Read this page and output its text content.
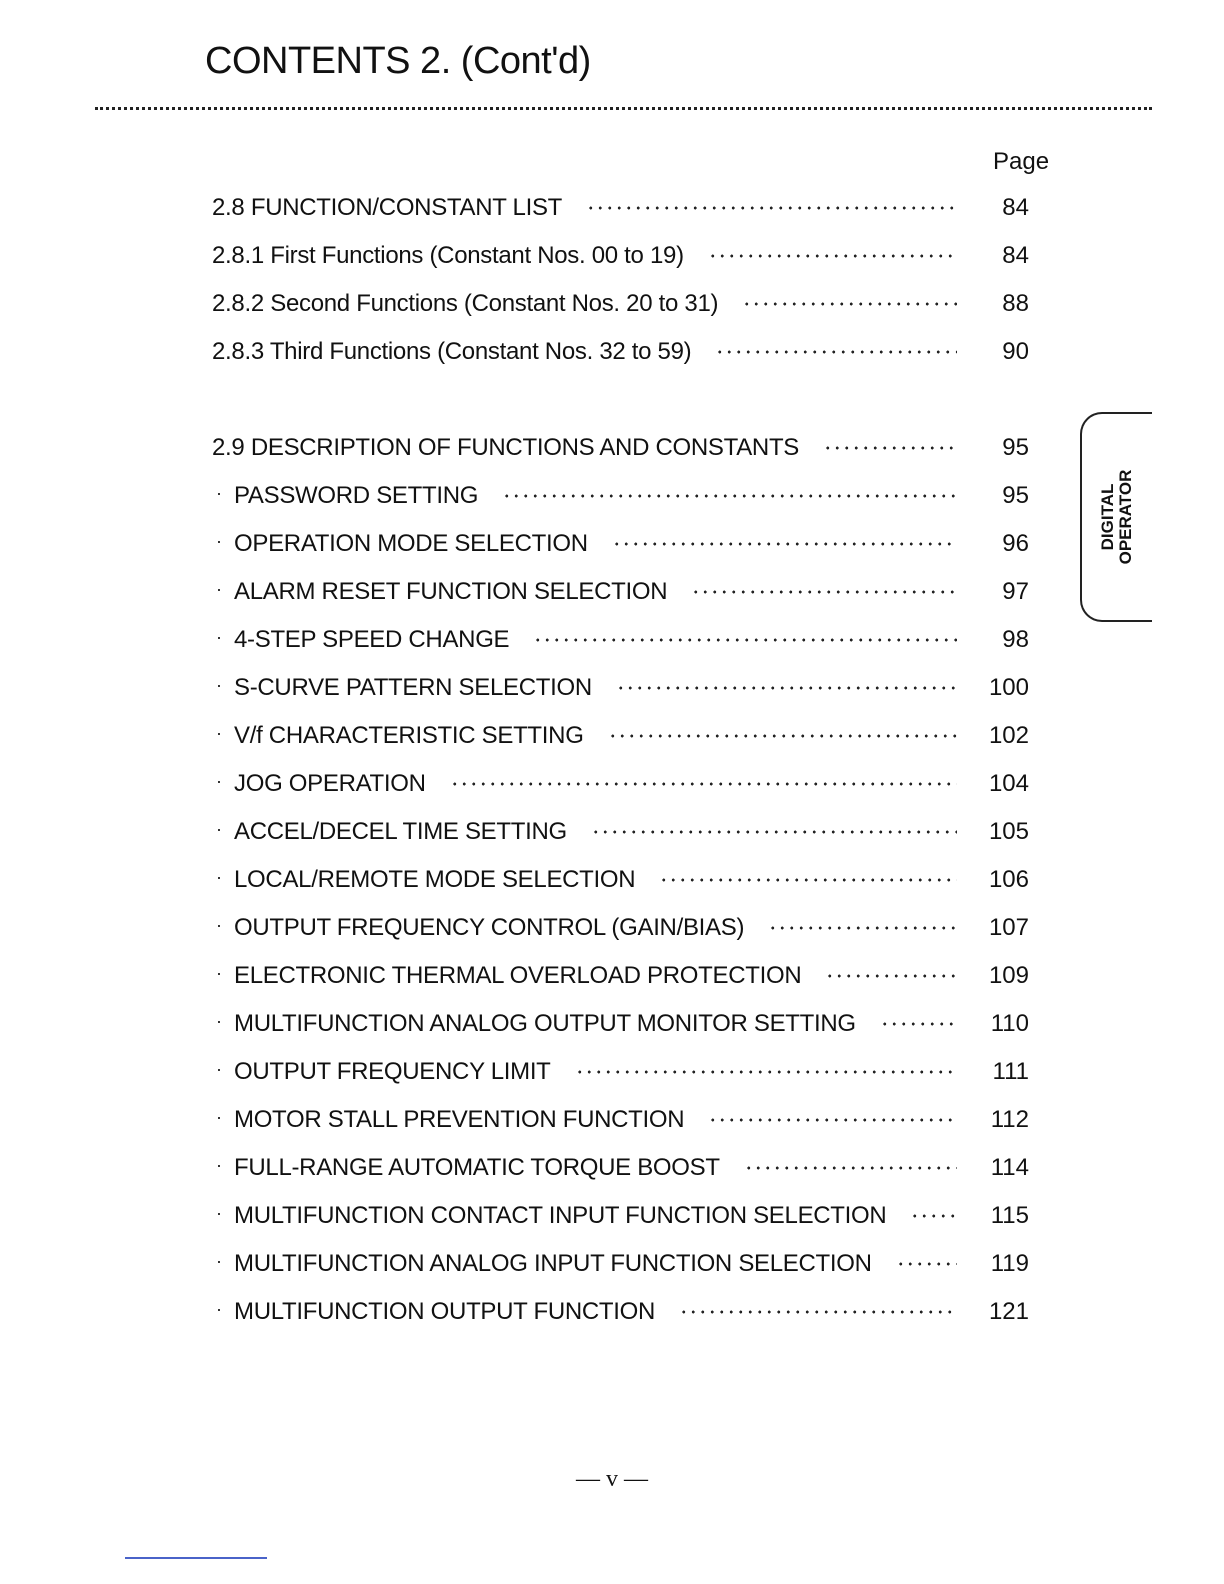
CONTENTS 2. (Cont'd)
Page
2.8 FUNCTION/CONSTANT LIST	84
2.8.1 First Functions (Constant Nos. 00 to 19)	84
2.8.2 Second Functions (Constant Nos. 20 to 31)	88
2.8.3 Third Functions (Constant Nos. 32 to 59)	90
2.9 DESCRIPTION OF FUNCTIONS AND CONSTANTS	95
· PASSWORD SETTING	95
· OPERATION MODE SELECTION	96
· ALARM RESET FUNCTION SELECTION	97
· 4-STEP SPEED CHANGE	98
· S-CURVE PATTERN SELECTION	100
· V/f CHARACTERISTIC SETTING	102
· JOG OPERATION	104
· ACCEL/DECEL TIME SETTING	105
· LOCAL/REMOTE MODE SELECTION	106
· OUTPUT FREQUENCY CONTROL (GAIN/BIAS)	107
· ELECTRONIC THERMAL OVERLOAD PROTECTION	109
· MULTIFUNCTION ANALOG OUTPUT MONITOR SETTING	110
· OUTPUT FREQUENCY LIMIT	111
· MOTOR STALL PREVENTION FUNCTION	112
· FULL-RANGE AUTOMATIC TORQUE BOOST	114
· MULTIFUNCTION CONTACT INPUT FUNCTION SELECTION	115
· MULTIFUNCTION ANALOG INPUT FUNCTION SELECTION	119
· MULTIFUNCTION OUTPUT FUNCTION	121
DIGITAL OPERATOR
— v —
